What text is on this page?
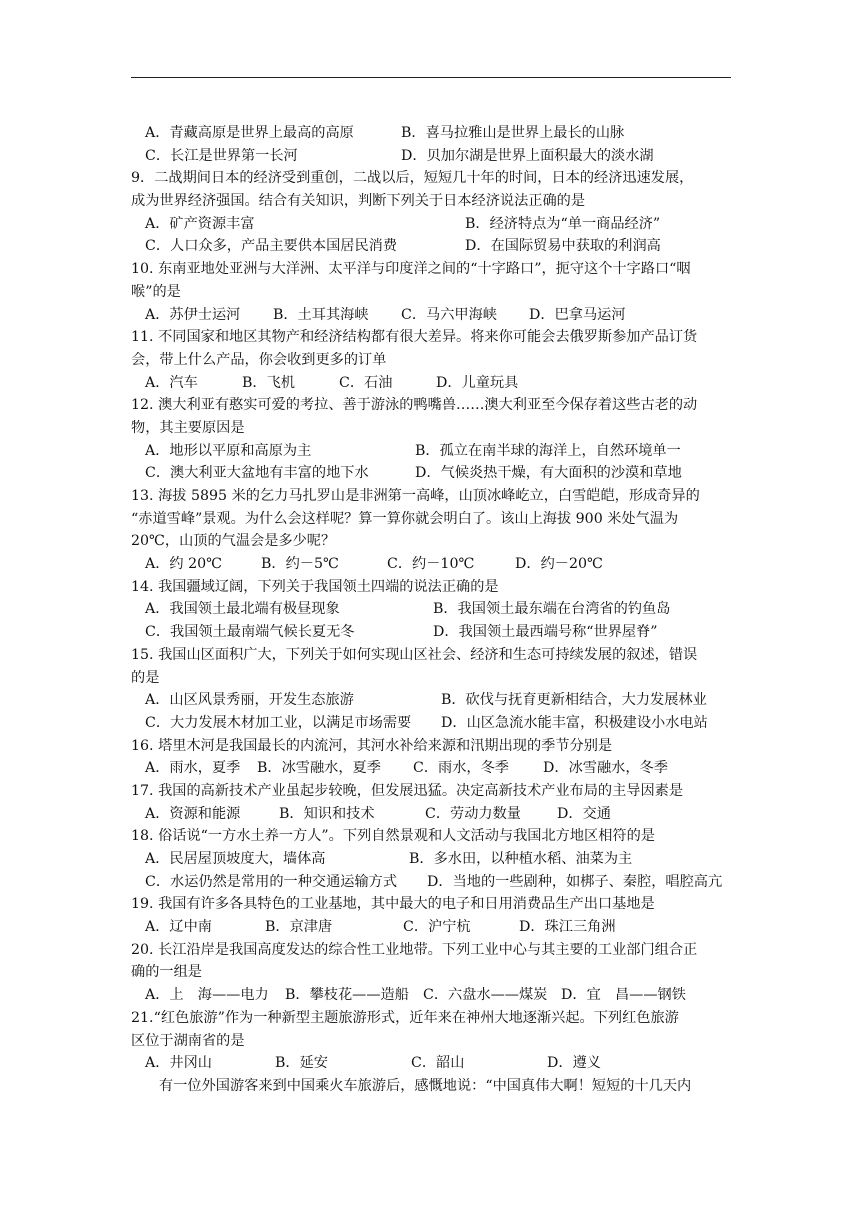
A．青藏高原是世界上最高的高原	B．喜马拉雅山是世界上最长的山脉
C．长江是世界第一长河	D．贝加尔湖是世界上面积最大的淡水湖
9．二战期间日本的经济受到重创，二战以后，短短几十年的时间，日本的经济迅速发展，
成为世界经济强国。结合有关知识，判断下列关于日本经济说法正确的是
A．矿产资源丰富	B．经济特点为“单一商品经济”
C．人口众多，产品主要供本国居民消费	D．在国际贸易中获取的利润高
10. 东南亚地处亚洲与大洋洲、太平洋与印度洋之间的“十字路口”，扼守这个十字路口“咽
喉”的是
A．苏伊士运河	B．土耳其海峡	C．马六甲海峡	D．巴拿马运河
11. 不同国家和地区其物产和经济结构都有很大差异。将来你可能会去俄罗斯参加产品订货
会，带上什么产品，你会收到更多的订单
A．汽车	B．飞机	C．石油	D．儿童玩具
12. 澳大利亚有憨实可爱的考拉、善于游泳的鸭嘴兽……澳大利亚至今保存着这些古老的动
物，其主要原因是
A．地形以平原和高原为主	B．孤立在南半球的海洋上，自然环境单一
C．澳大利亚大盆地有丰富的地下水	D．气候炎热干燥，有大面积的沙漠和草地
13. 海拔 5895 米的乞力马扎罗山是非洲第一高峰，山顶冰峰屹立，白雪皑皑，形成奇异的
“赤道雪峰”景观。为什么会这样呢？算一算你就会明白了。该山上海拔 900 米处气温为
20℃，山顶的气温会是多少呢？
A．约 20℃	B．约－5℃	C．约－10℃	D．约－20℃
14. 我国疆域辽阔，下列关于我国领土四端的说法正确的是
A．我国领土最北端有极昼现象	B．我国领土最东端在台湾省的钓鱼岛
C．我国领土最南端气候长夏无冬	D．我国领土最西端号称“世界屋脊”
15. 我国山区面积广大，下列关于如何实现山区社会、经济和生态可持续发展的叙述，错误
的是
A．山区风景秀丽，开发生态旅游	B．砍伐与抚育更新相结合，大力发展林业
C．大力发展木材加工业，以满足市场需要	D．山区急流水能丰富，积极建设小水电站
16. 塔里木河是我国最长的内流河，其河水补给来源和汛期出现的季节分别是
A．雨水，夏季	B．冰雪融水，夏季	C．雨水，冬季	D．冰雪融水，冬季
17. 我国的高新技术产业虽起步较晚，但发展迅猛。决定高新技术产业布局的主导因素是
A．资源和能源	B．知识和技术	C．劳动力数量	D．交通
18. 俗话说“一方水土养一方人”。下列自然景观和人文活动与我国北方地区相符的是
A．民居屋顶坡度大，墙体高	B．多水田，以种植水稻、油菜为主
C．水运仍然是常用的一种交通运输方式	D．当地的一些剧种，如梆子、秦腔，唱腔高亢
19. 我国有许多各具特色的工业基地，其中最大的电子和日用消费品生产出口基地是
A．辽中南	B．京津唐	C．沪宁杭	D．珠江三角洲
20. 长江沿岸是我国高度发达的综合性工业地带。下列工业中心与其主要的工业部门组合正
确的一组是
A．上　海——电力	B．攀枝花——造船 C．六盘水——煤炭 D．宜　昌——钢铁
21.“红色旅游”作为一种新型主题旅游形式，近年来在神州大地逐渐兴起。下列红色旅游
区位于湖南省的是
A．井冈山	B．延安	C．韶山	D．遵义
有一位外国游客来到中国乘火车旅游后，感慨地说：“中国真伟大啊！短短的十几天内
